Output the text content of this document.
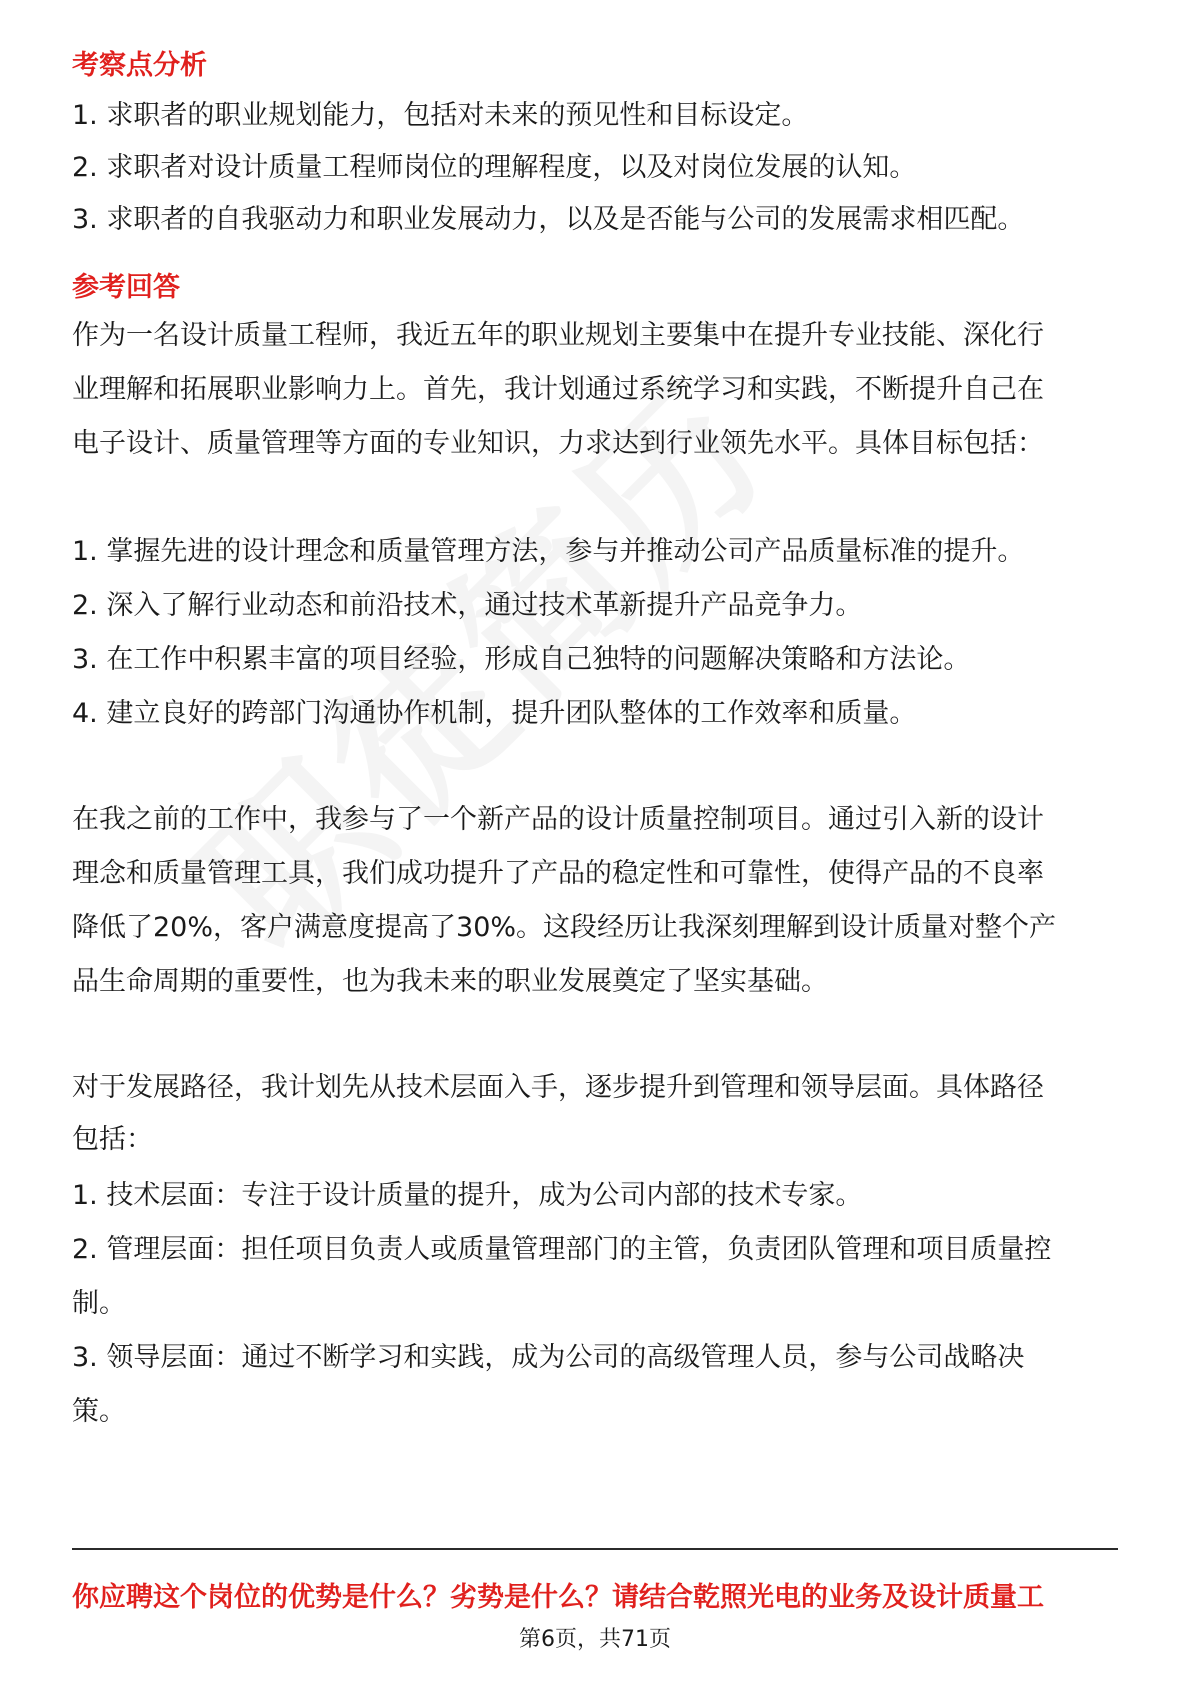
考察点分析
1. 求职者的职业规划能力，包括对未来的预见性和目标设定。
2. 求职者对设计质量工程师岗位的理解程度，以及对岗位发展的认知。
3. 求职者的自我驱动力和职业发展动力，以及是否能与公司的发展需求相匹配。
参考回答
作为一名设计质量工程师，我近五年的职业规划主要集中在提升专业技能、深化行
业理解和拓展职业影响力上。首先，我计划通过系统学习和实践，不断提升自己在
电子设计、质量管理等方面的专业知识，力求达到行业领先水平。具体目标包括：
1. 掌握先进的设计理念和质量管理方法，参与并推动公司产品质量标准的提升。
2. 深入了解行业动态和前沿技术，通过技术革新提升产品竞争力。
3. 在工作中积累丰富的项目经验，形成自己独特的问题解决策略和方法论。
4. 建立良好的跨部门沟通协作机制，提升团队整体的工作效率和质量。
在我之前的工作中，我参与了一个新产品的设计质量控制项目。通过引入新的设计
理念和质量管理工具，我们成功提升了产品的稳定性和可靠性，使得产品的不良率
降低了20%，客户满意度提高了30%。这段经历让我深刻理解到设计质量对整个产
品生命周期的重要性，也为我未来的职业发展奠定了坚实基础。
对于发展路径，我计划先从技术层面入手，逐步提升到管理和领导层面。具体路径
包括：
1. 技术层面：专注于设计质量的提升，成为公司内部的技术专家。
2. 管理层面：担任项目负责人或质量管理部门的主管，负责团队管理和项目质量控
制。
3. 领导层面：通过不断学习和实践，成为公司的高级管理人员，参与公司战略决
策。
你应聘这个岗位的优势是什么？劣势是什么？请结合乾照光电的业务及设计质量工
第6页，共71页
